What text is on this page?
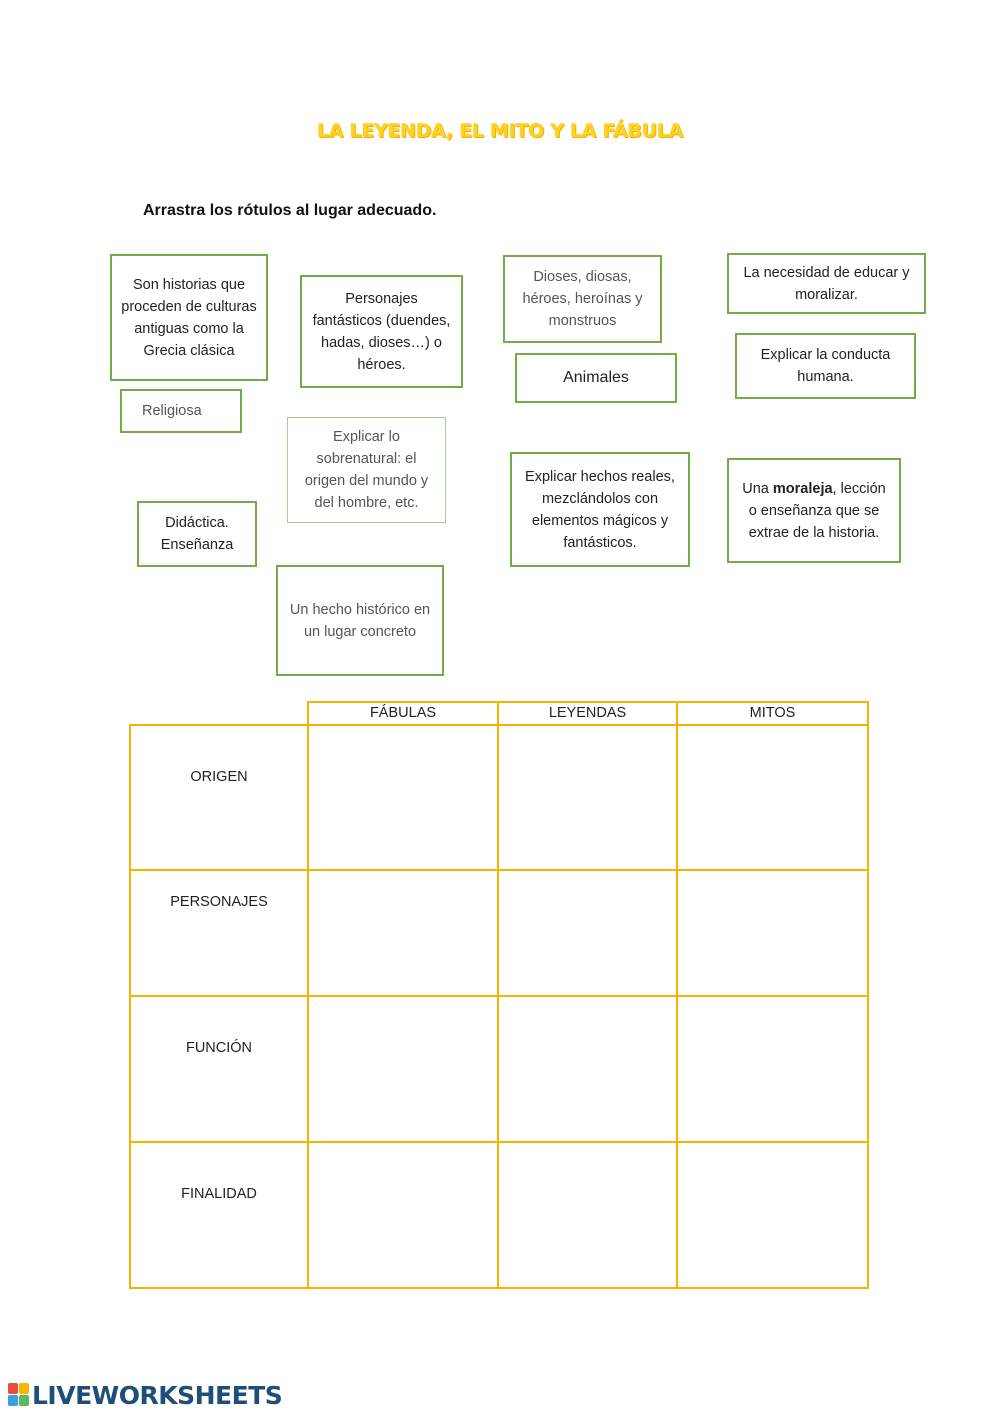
LA LEYENDA, EL MITO Y LA FÁBULA
Arrastra los rótulos al lugar adecuado.
Son historias que proceden de culturas antiguas como la Grecia clásica
Personajes fantásticos (duendes, hadas, dioses…) o héroes.
Dioses, diosas, héroes, heroínas y monstruos
La necesidad de educar y moralizar.
Animales
Explicar la conducta humana.
Religiosa
Explicar lo sobrenatural: el origen del mundo y del hombre, etc.
Explicar hechos reales, mezclándolos con elementos mágicos y fantásticos.
Una moraleja, lección o enseñanza que se extrae de la historia.
Didáctica. Enseñanza
Un hecho histórico en un lugar concreto
FÁBULAS	LEYENDAS	MITOS
ORIGEN
PERSONAJES
FUNCIÓN
FINALIDAD
LIVEWORKSHEETS
